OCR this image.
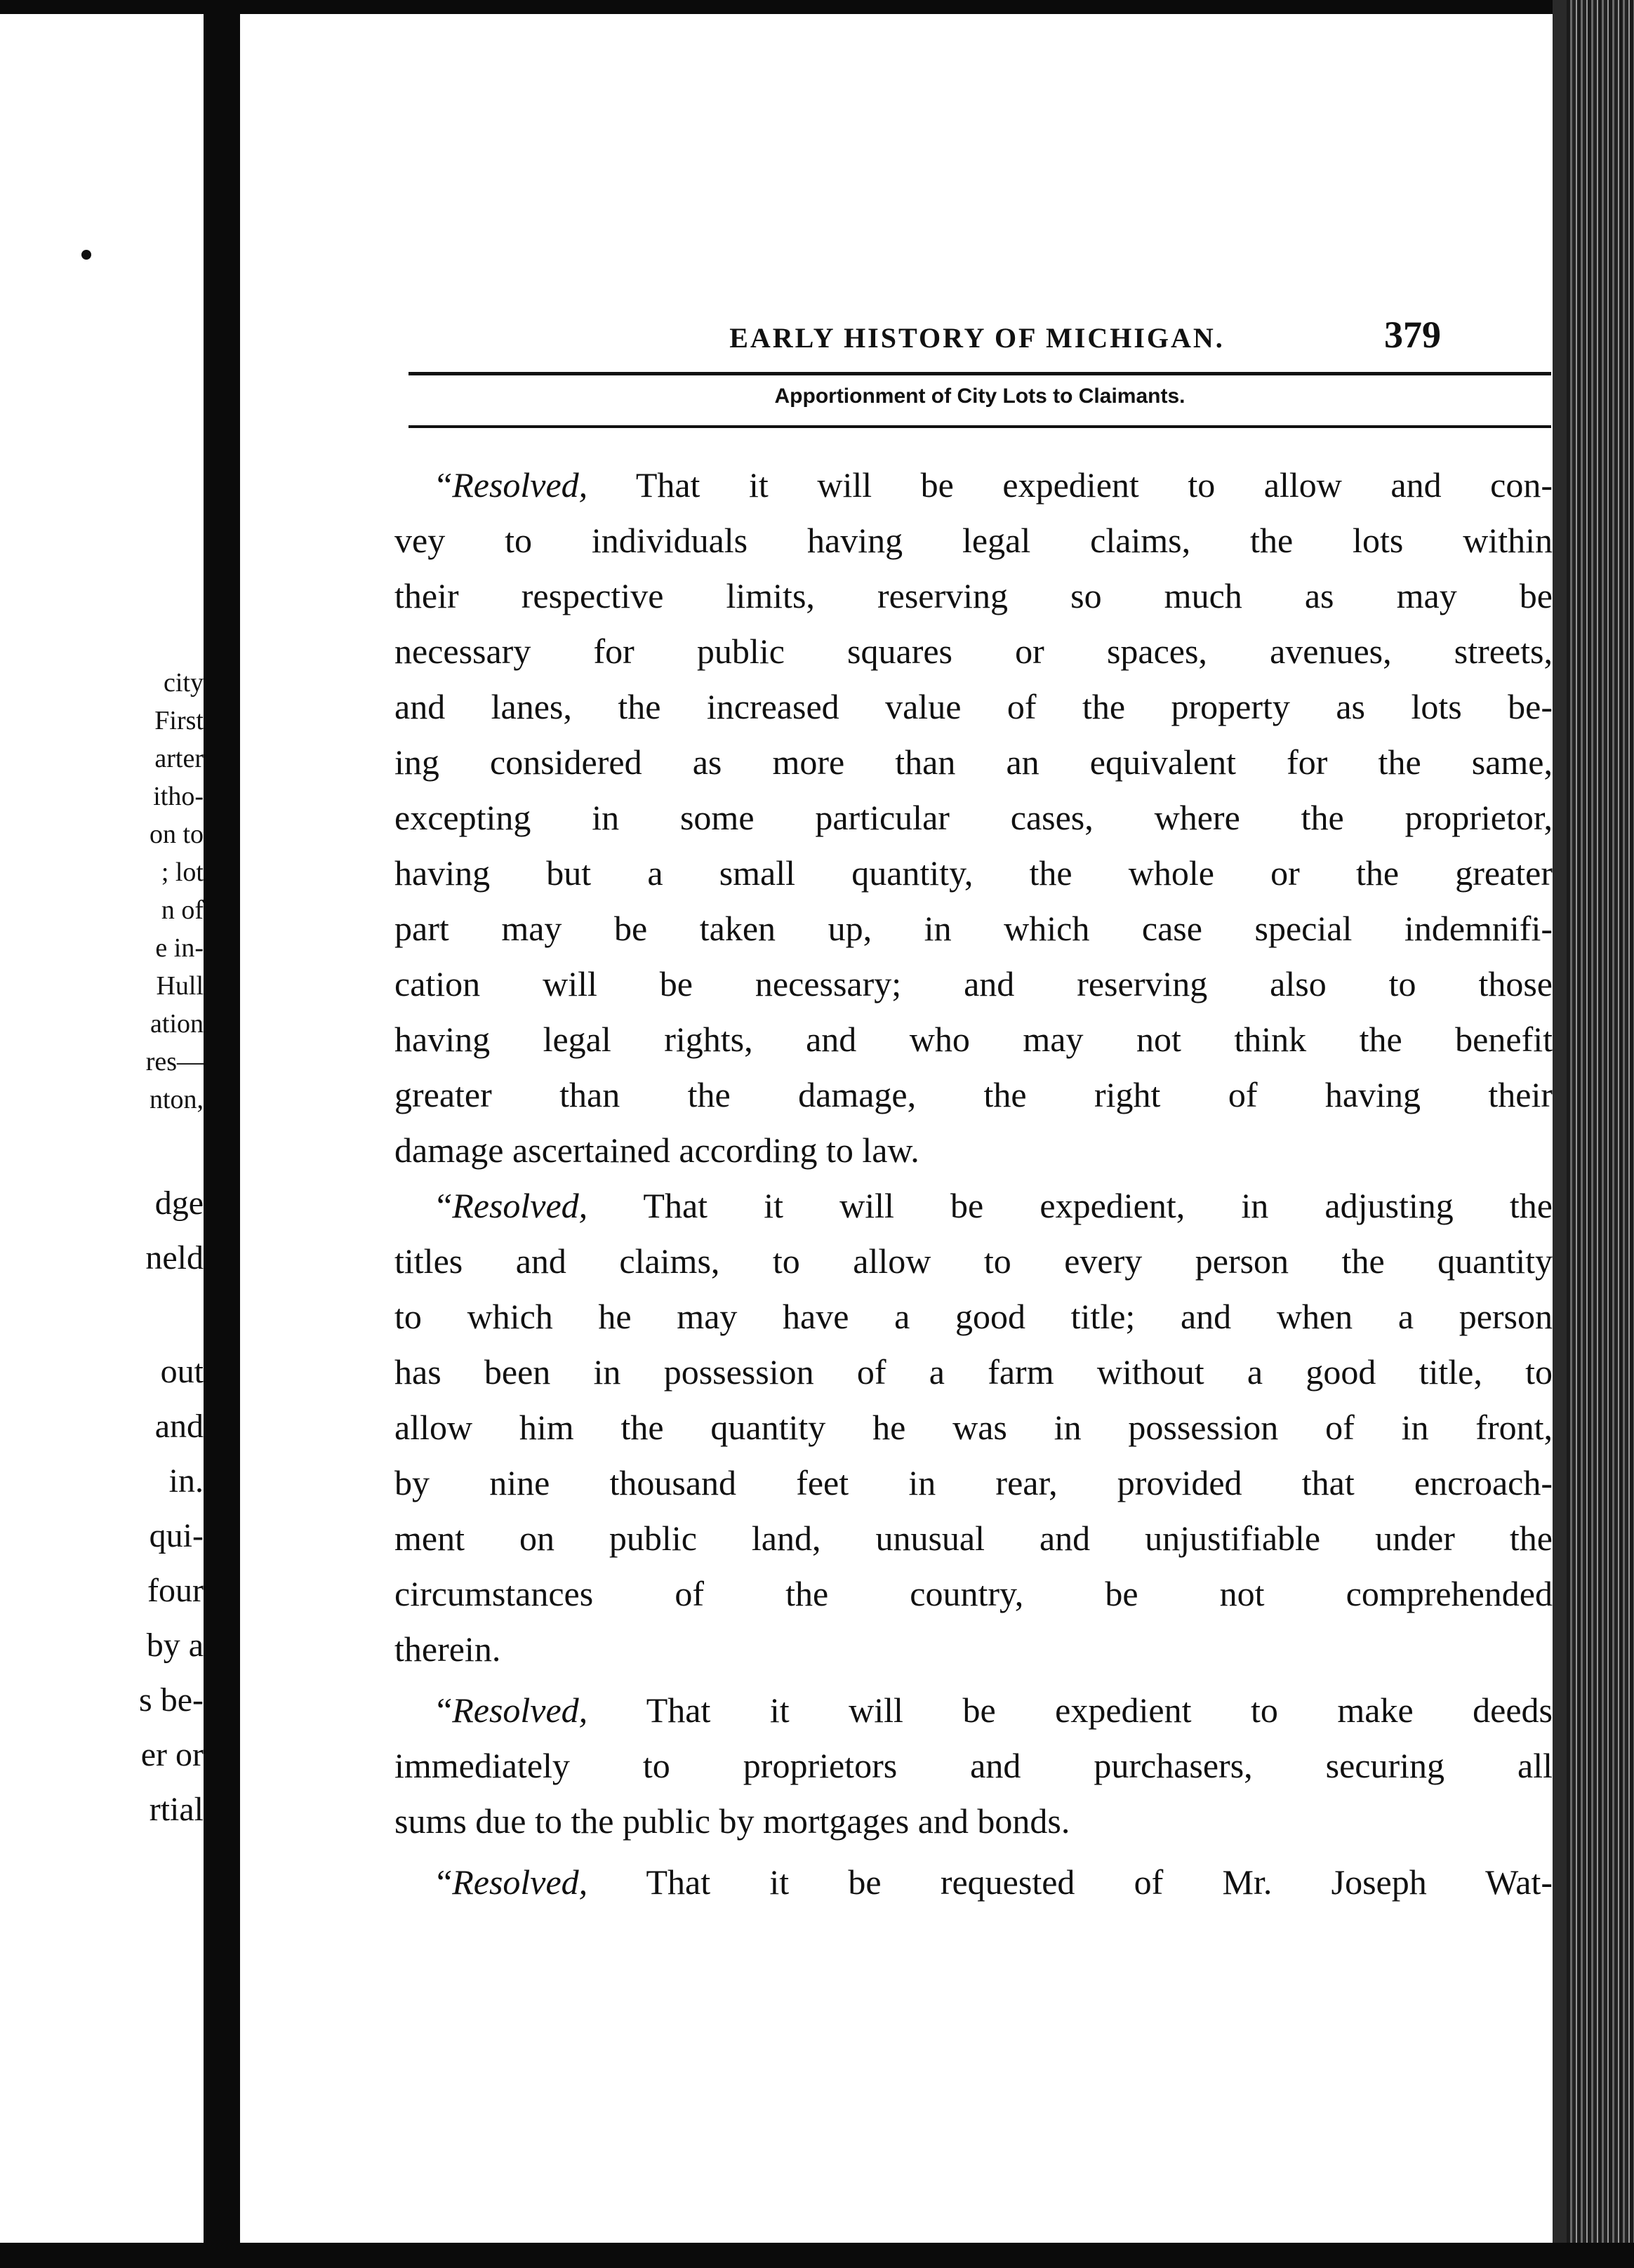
city
First
arter
itho-
on to
; lot
n of
e in-
Hull
ation
res—
nton,
dge
neld
out
and
in.
qui-
four
by a
s be-
er or
rtial
EARLY HISTORY OF MICHIGAN.	379
Apportionment of City Lots to Claimants.
“Resolved, That it will be expedient to allow and con-
vey to individuals having legal claims, the lots within
their respective limits, reserving so much as may be
necessary for public squares or spaces, avenues, streets,
and lanes, the increased value of the property as lots be-
ing considered as more than an equivalent for the same,
excepting in some particular cases, where the proprietor,
having but a small quantity, the whole or the greater
part may be taken up, in which case special indemnifi-
cation will be necessary; and reserving also to those
having legal rights, and who may not think the benefit
greater than the damage, the right of having their
damage ascertained according to law.
“Resolved, That it will be expedient, in adjusting the
titles and claims, to allow to every person the quantity
to which he may have a good title; and when a person
has been in possession of a farm without a good title, to
allow him the quantity he was in possession of in front,
by nine thousand feet in rear, provided that encroach-
ment on public land, unusual and unjustifiable under the
circumstances of the country, be not comprehended
therein.
“Resolved, That it will be expedient to make deeds
immediately to proprietors and purchasers, securing all
sums due to the public by mortgages and bonds.
“Resolved, That it be requested of Mr. Joseph Wat-
